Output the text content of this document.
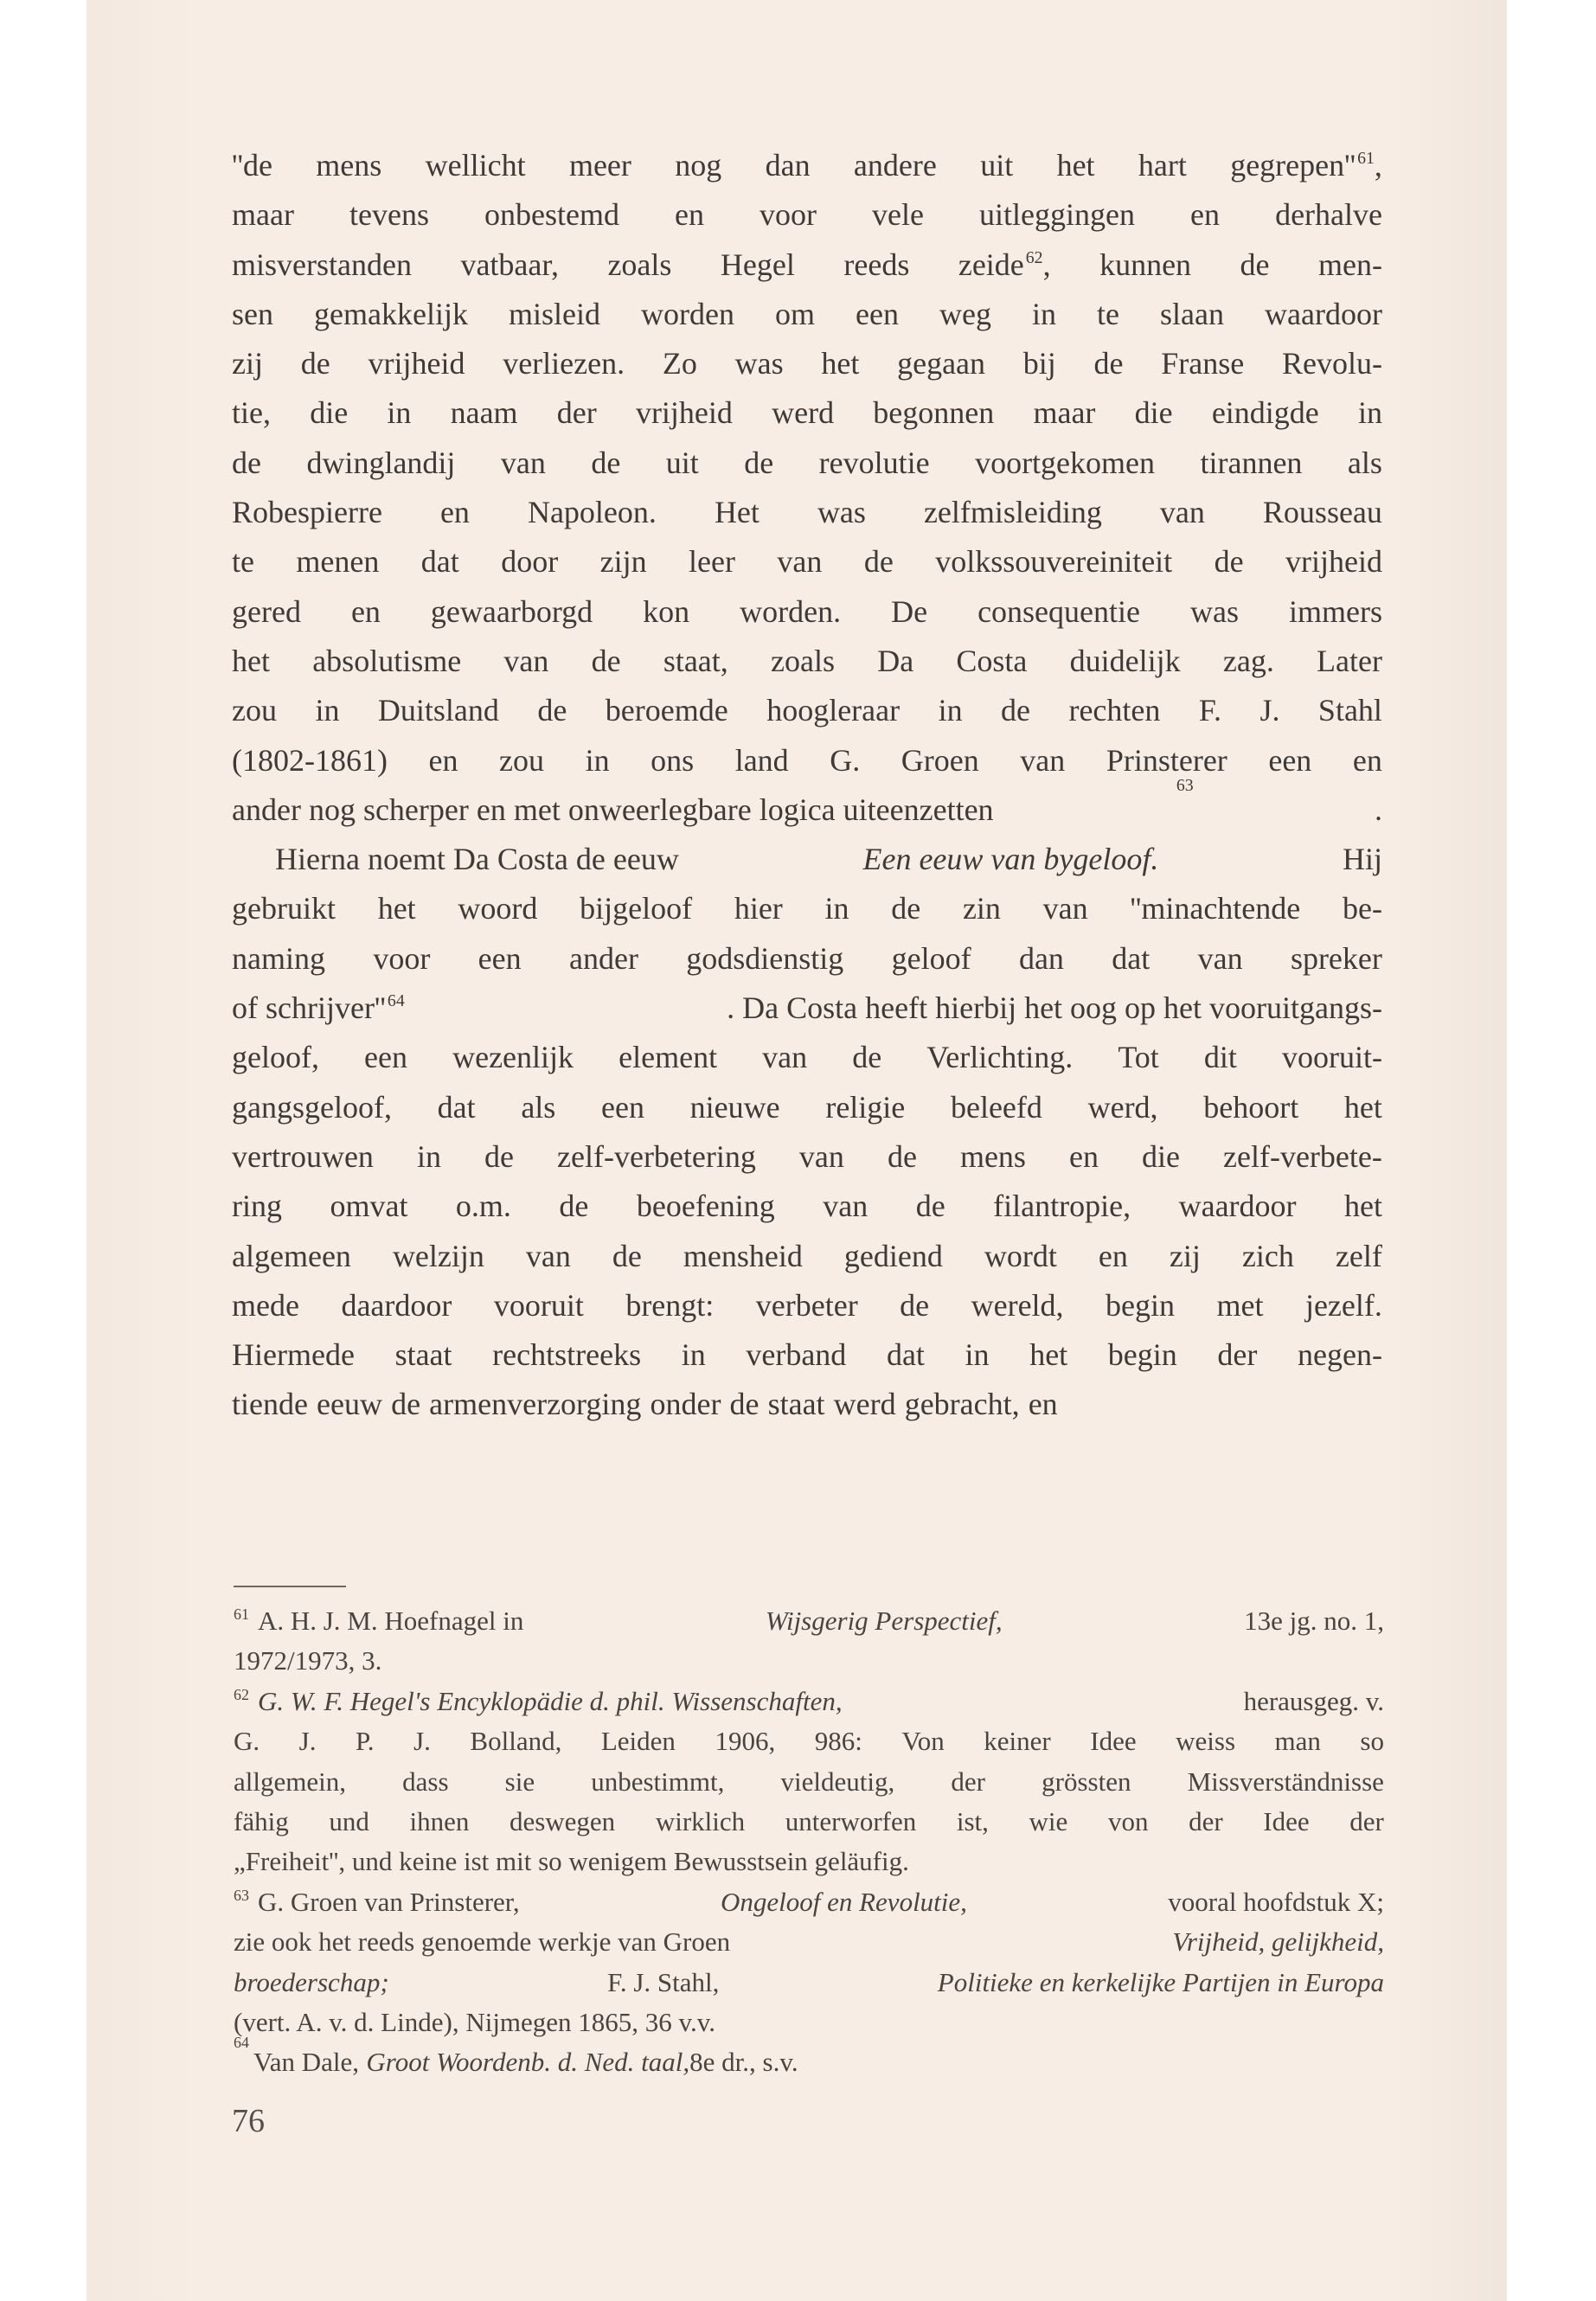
''de mens wellicht meer nog dan andere uit het hart gegrepen'' $^{61}$,
maar tevens onbestemd en voor vele uitleggingen en derhalve
misverstanden vatbaar, zoals Hegel reeds zeide $^{62}$, kunnen de men-
sen gemakkelijk misleid worden om een weg in te slaan waardoor
zij de vrijheid verliezen. Zo was het gegaan bij de Franse Revolu-
tie, die in naam der vrijheid werd begonnen maar die eindigde in
de dwinglandij van de uit de revolutie voortgekomen tirannen als
Robespierre en Napoleon. Het was zelfmisleiding van Rousseau
te menen dat door zijn leer van de volkssouvereiniteit de vrijheid
gered en gewaarborgd kon worden. De consequentie was immers
het absolutisme van de staat, zoals Da Costa duidelijk zag. Later
zou in Duitsland de beroemde hoogleraar in de rechten F. J. Stahl
(1802-1861) en zou in ons land G. Groen van Prinsterer een en
ander nog scherper en met onweerlegbare logica uiteenzetten
63
.
Hierna noemt Da Costa de eeuw	Een eeuw van bygeloof.	Hij
gebruikt het woord bijgeloof hier in de zin van ''minachtende be-
naming voor een ander godsdienstig geloof dan dat van spreker
of schrijver'' $^{64}$	. Da Costa heeft hierbij het oog op het vooruitgangs-
geloof, een wezenlijk element van de Verlichting. Tot dit vooruit-
gangsgeloof, dat als een nieuwe religie beleefd werd, behoort het
vertrouwen in de zelf-verbetering van de mens en die zelf-verbete-
ring omvat o.m. de beoefening van de filantropie, waardoor het
algemeen welzijn van de mensheid gediend wordt en zij zich zelf
mede daardoor vooruit brengt: verbeter de wereld, begin met jezelf.
Hiermede staat rechtstreeks in verband dat in het begin der negen-
tiende eeuw de armenverzorging onder de staat werd gebracht, en
$^{61}$ A. H. J. M. Hoefnagel in	Wijsgerig Perspectief,	13e jg. no. 1,
1972/1973, 3.
$^{62}$ G. W. F. Hegel's Encyklopädie d. phil. Wissenschaften,	herausgeg. v.
G. J. P. J. Bolland, Leiden 1906, 986: Von keiner Idee weiss man so
allgemein, dass sie unbestimmt, vieldeutig, der grössten Missverständnisse
fähig und ihnen deswegen wirklich unterworfen ist, wie von der Idee der
„Freiheit'', und keine ist mit so wenigem Bewusstsein geläufig.
$^{63}$ G. Groen van Prinsterer,	Ongeloof en Revolutie,	vooral hoofdstuk X;
zie ook het reeds genoemde werkje van Groen	Vrijheid, gelijkheid,
broederschap;	F. J. Stahl,	Politieke en kerkelijke Partijen in Europa
(vert. A. v. d. Linde), Nijmegen 1865, 36 v.v.
64
Van Dale, Groot Woordenb. d. Ned. taal, 8e dr., s.v.
76
